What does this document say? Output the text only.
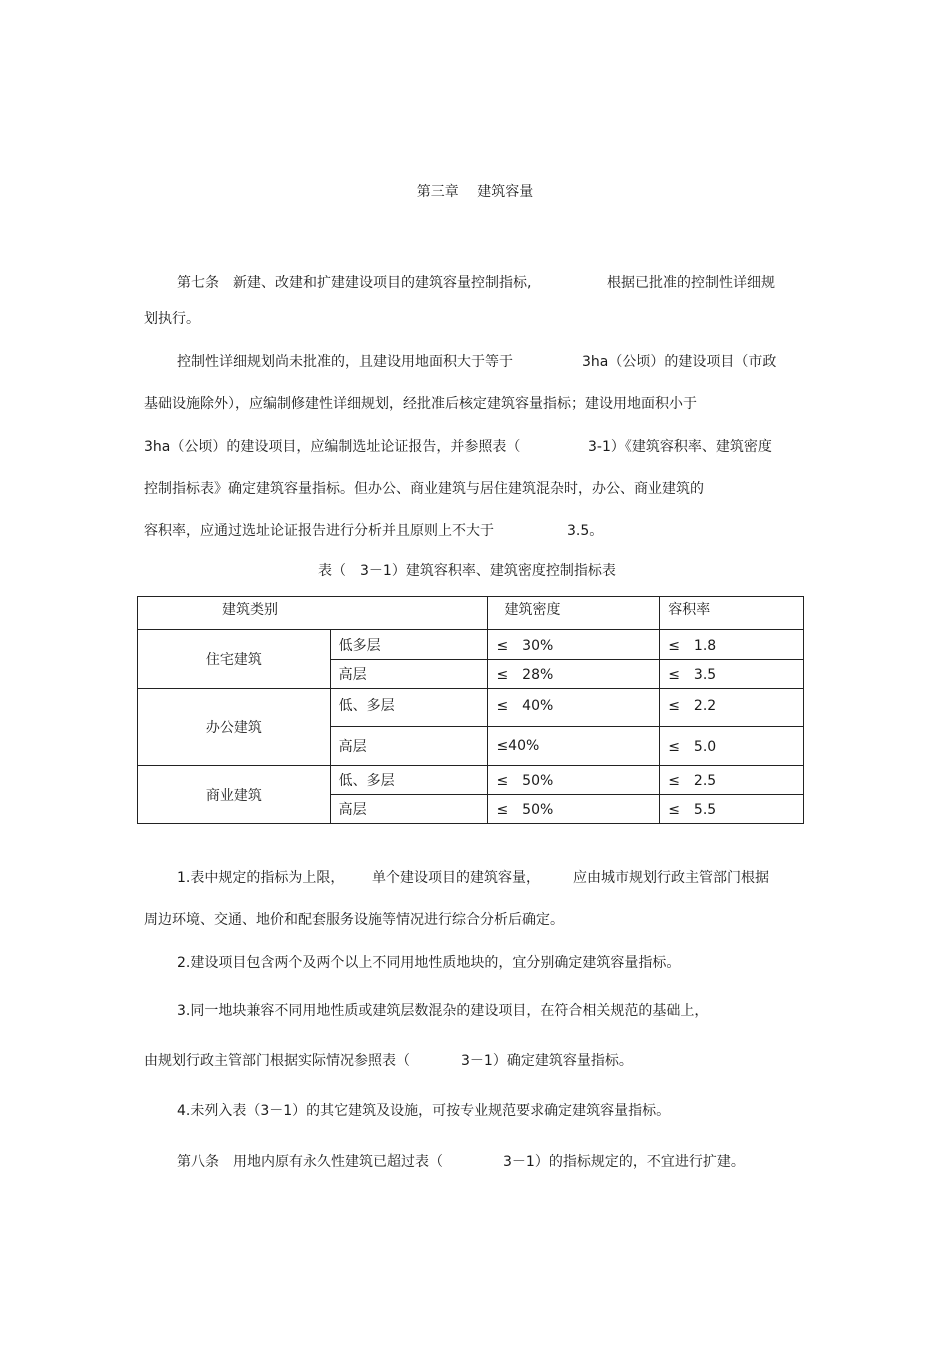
第三章　 建筑容量
第七条　新建、改建和扩建建设项目的建筑容量控制指标,	根据已批准的控制性详细规
划执行。
控制性详细规划尚未批准的，且建设用地面积大于等于	3ha（公顷）的建设项目（市政
基础设施除外），应编制修建性详细规划，经批准后核定建筑容量指标；建设用地面积小于
3ha（公顷）的建设项目，应编制选址论证报告，并参照表（	3-1）《建筑容积率、建筑密度
控制指标表》确定建筑容量指标。但办公、商业建筑与居住建筑混杂时，办公、商业建筑的
容积率，应通过选址论证报告进行分析并且原则上不大于	3.5。
表（　3－1）建筑容积率、建筑密度控制指标表
建筑类别		建筑密度	容积率
住宅建筑	低多层	≤　30%	≤　1.8
	高层	≤　28%	≤　3.5
办公建筑	低、多层	≤　40%	≤　2.2
	高层	≤40%	≤　5.0
商业建筑	低、多层	≤　50%	≤　2.5
	高层	≤　50%	≤　5.5
1.表中规定的指标为上限， 单个建设项目的建筑容量， 应由城市规划行政主管部门根据
周边环境、交通、地价和配套服务设施等情况进行综合分析后确定。
2.建设项目包含两个及两个以上不同用地性质地块的，宜分别确定建筑容量指标。
3.同一地块兼容不同用地性质或建筑层数混杂的建设项目，在符合相关规范的基础上，
由规划行政主管部门根据实际情况参照表（	3－1）确定建筑容量指标。
4.未列入表（3－1）的其它建筑及设施，可按专业规范要求确定建筑容量指标。
第八条　用地内原有永久性建筑已超过表（	3－1）的指标规定的，不宜进行扩建。
